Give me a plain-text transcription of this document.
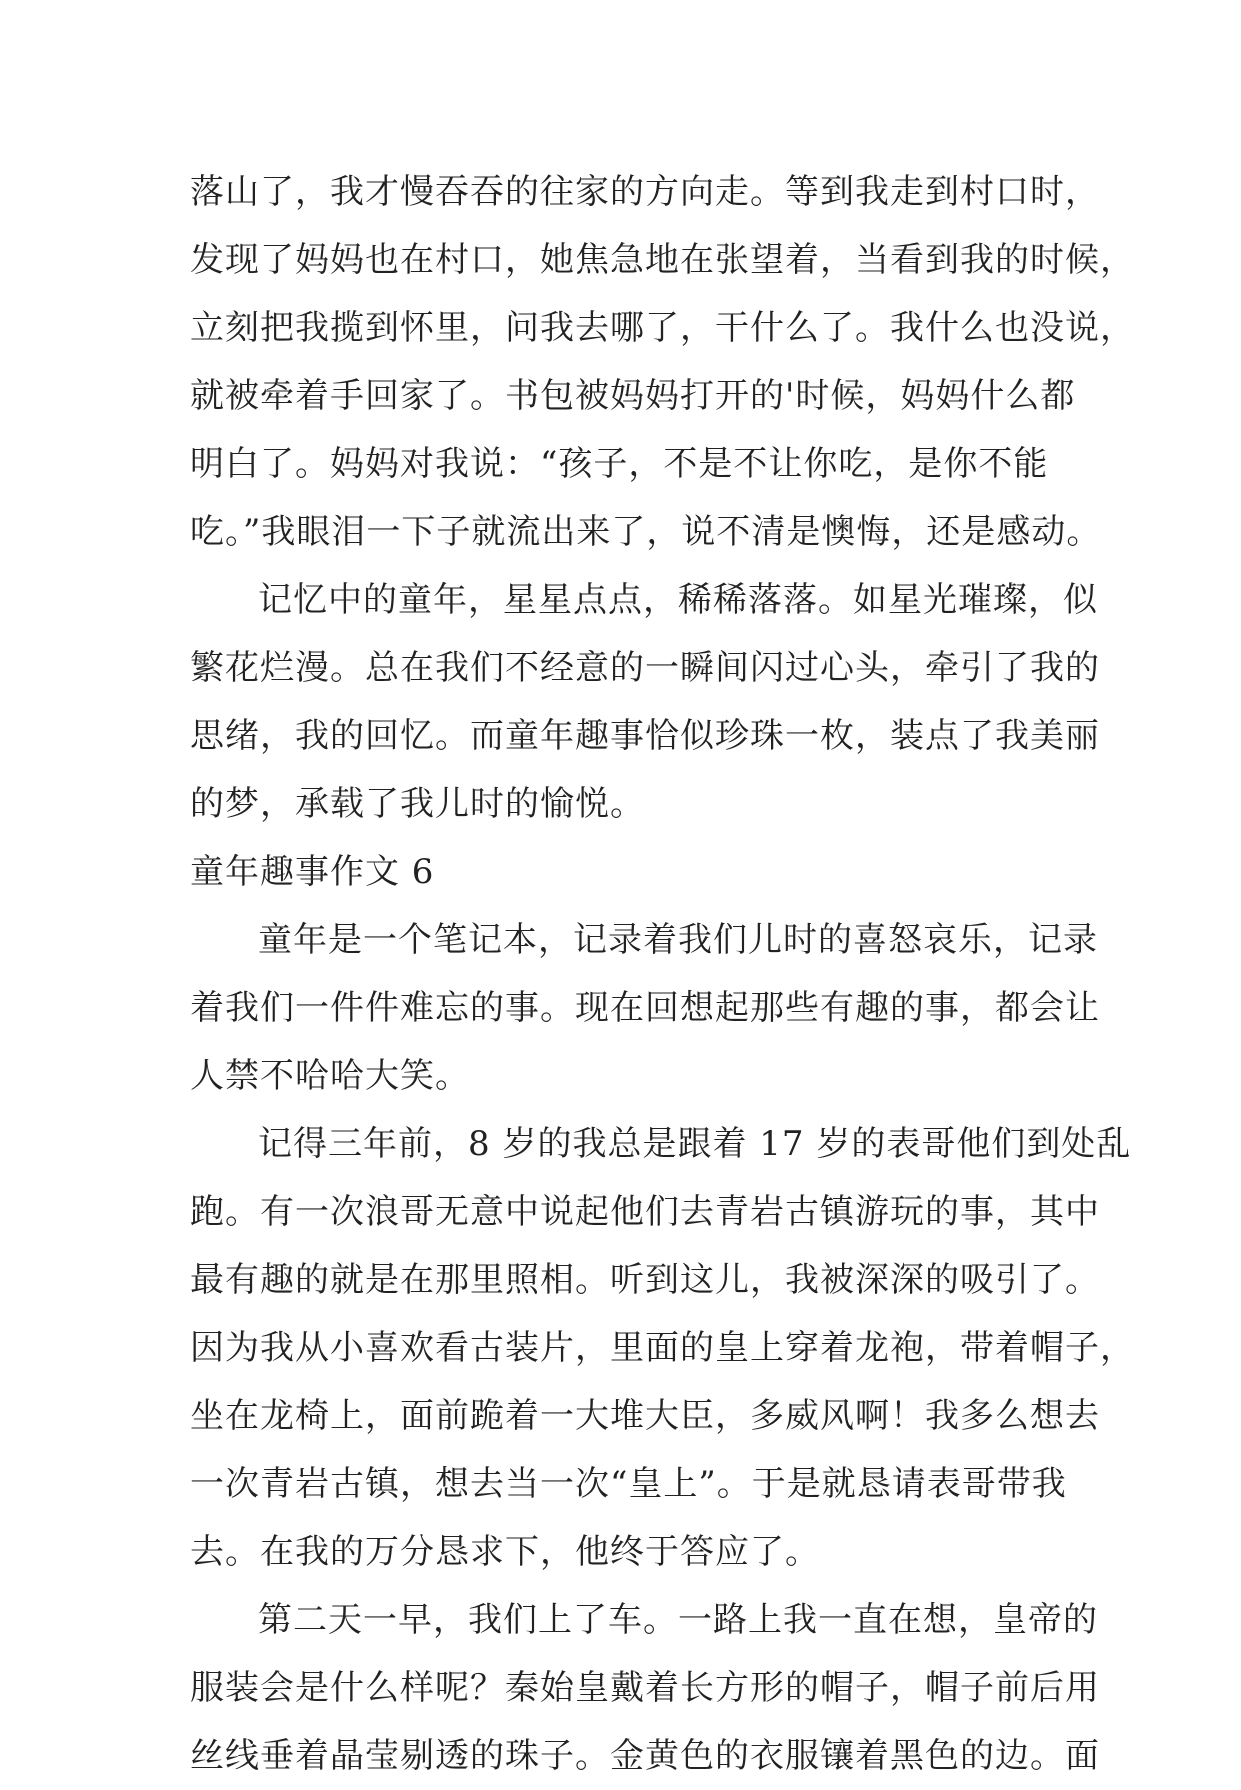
落山了，我才慢吞吞的往家的方向走。等到我走到村口时，
发现了妈妈也在村口，她焦急地在张望着，当看到我的时候，
立刻把我揽到怀里，问我去哪了，干什么了。我什么也没说，
就被牵着手回家了。书包被妈妈打开的'时候，妈妈什么都
明白了。妈妈对我说：“孩子，不是不让你吃，是你不能
吃。”我眼泪一下子就流出来了，说不清是懊悔，还是感动。
记忆中的童年，星星点点，稀稀落落。如星光璀璨，似
繁花烂漫。总在我们不经意的一瞬间闪过心头，牵引了我的
思绪，我的回忆。而童年趣事恰似珍珠一枚，装点了我美丽
的梦，承载了我儿时的愉悦。
童年趣事作文 6
童年是一个笔记本，记录着我们儿时的喜怒哀乐，记录
着我们一件件难忘的事。现在回想起那些有趣的事，都会让
人禁不哈哈大笑。
记得三年前，8 岁的我总是跟着 17 岁的表哥他们到处乱
跑。有一次浪哥无意中说起他们去青岩古镇游玩的事，其中
最有趣的就是在那里照相。听到这儿，我被深深的吸引了。
因为我从小喜欢看古装片，里面的皇上穿着龙袍，带着帽子，
坐在龙椅上，面前跪着一大堆大臣，多威风啊！我多么想去
一次青岩古镇，想去当一次“皇上”。于是就恳请表哥带我
去。在我的万分恳求下，他终于答应了。
第二天一早，我们上了车。一路上我一直在想，皇帝的
服装会是什么样呢？秦始皇戴着长方形的帽子，帽子前后用
丝线垂着晶莹剔透的珠子。金黄色的衣服镶着黑色的边。面
